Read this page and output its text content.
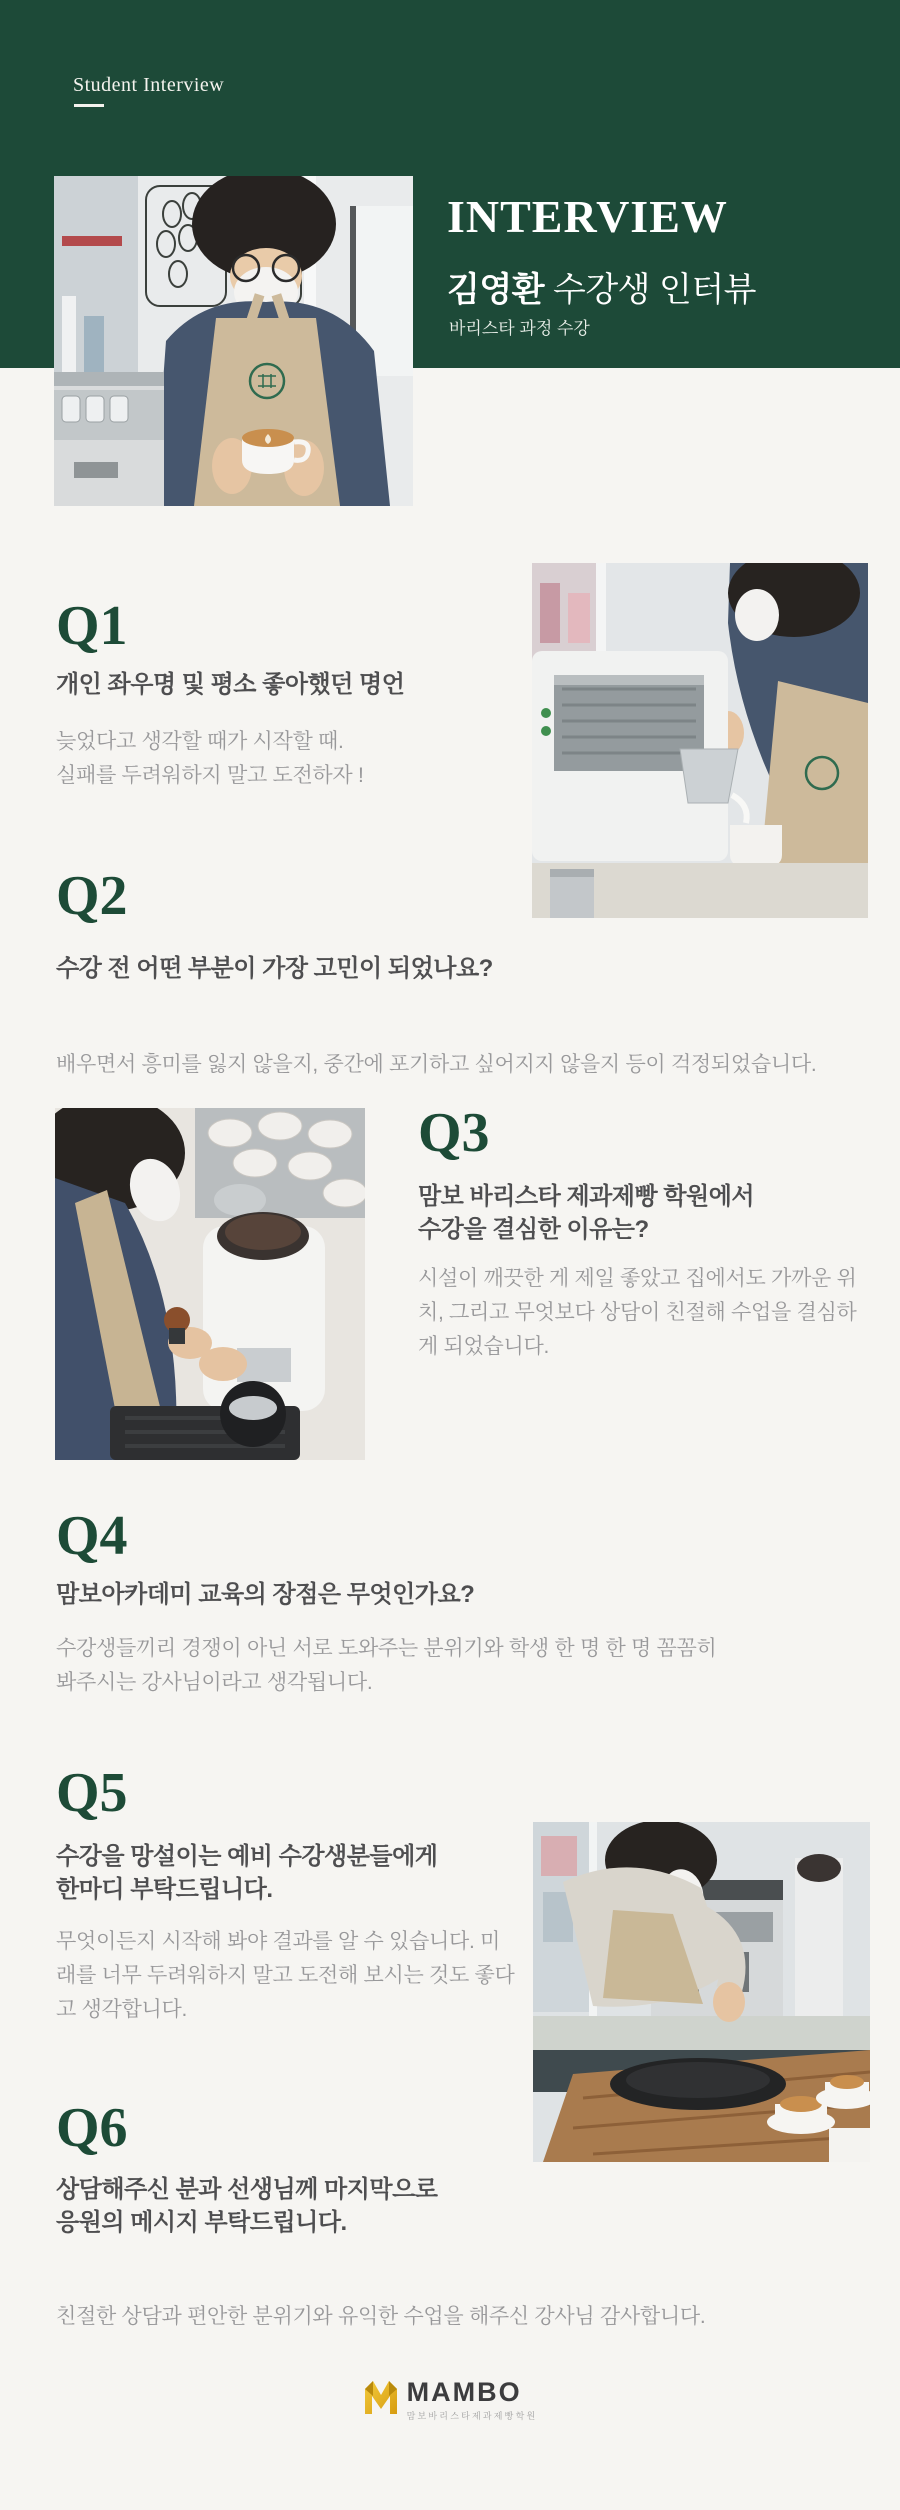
Student Interview
INTERVIEW
김영환 수강생 인터뷰
바리스타 과정 수강
Q1
개인 좌우명 및 평소 좋아했던 명언
늦었다고 생각할 때가 시작할 때.
실패를 두려워하지 말고 도전하자 !
Q2
수강 전 어떤 부분이 가장 고민이 되었나요?
배우면서 흥미를 잃지 않을지, 중간에 포기하고 싶어지지 않을지 등이 걱정되었습니다.
Q3
맘보 바리스타 제과제빵 학원에서
수강을 결심한 이유는?
시설이 깨끗한 게 제일 좋았고 집에서도 가까운 위
치, 그리고 무엇보다 상담이 친절해 수업을 결심하
게 되었습니다.
Q4
맘보아카데미 교육의 장점은 무엇인가요?
수강생들끼리 경쟁이 아닌 서로 도와주는 분위기와 학생 한 명 한 명 꼼꼼히
봐주시는 강사님이라고 생각됩니다.
Q5
수강을 망설이는 예비 수강생분들에게
한마디 부탁드립니다.
무엇이든지 시작해 봐야 결과를 알 수 있습니다. 미
래를 너무 두려워하지 말고 도전해 보시는 것도 좋다
고 생각합니다.
Q6
상담해주신 분과 선생님께 마지막으로
응원의 메시지 부탁드립니다.
친절한 상담과 편안한 분위기와 유익한 수업을 해주신 강사님 감사합니다.
MAMBO
맘보바리스타제과제빵학원
